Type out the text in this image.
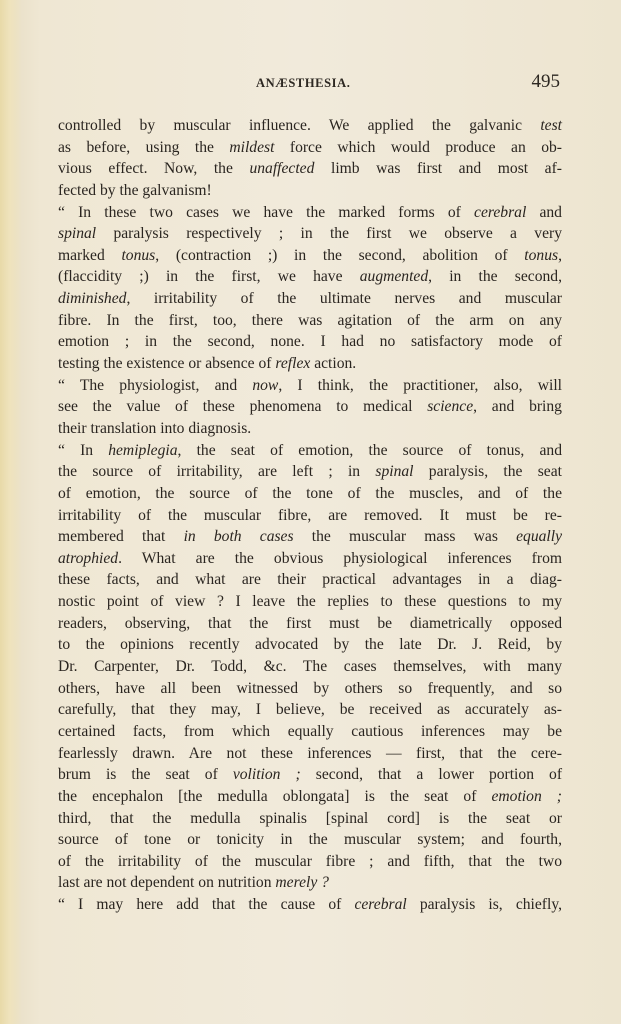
ANÆSTHESIA.	495
controlled by muscular influence. We applied the galvanic test
as before, using the mildest force which would produce an ob-
vious effect. Now, the unaffected limb was first and most af-
fected by the galvanism!
“ In these two cases we have the marked forms of cerebral and
spinal paralysis respectively ; in the first we observe a very
marked tonus, (contraction ;) in the second, abolition of tonus,
(flaccidity ;) in the first, we have augmented, in the second,
diminished, irritability of the ultimate nerves and muscular
fibre. In the first, too, there was agitation of the arm on any
emotion ; in the second, none. I had no satisfactory mode of
testing the existence or absence of reflex action.
“ The physiologist, and now, I think, the practitioner, also, will
see the value of these phenomena to medical science, and bring
their translation into diagnosis.
“ In hemiplegia, the seat of emotion, the source of tonus, and
the source of irritability, are left ; in spinal paralysis, the seat
of emotion, the source of the tone of the muscles, and of the
irritability of the muscular fibre, are removed. It must be re-
membered that in both cases the muscular mass was equally
atrophied. What are the obvious physiological inferences from
these facts, and what are their practical advantages in a diag-
nostic point of view ? I leave the replies to these questions to my
readers, observing, that the first must be diametrically opposed
to the opinions recently advocated by the late Dr. J. Reid, by
Dr. Carpenter, Dr. Todd, &c. The cases themselves, with many
others, have all been witnessed by others so frequently, and so
carefully, that they may, I believe, be received as accurately as-
certained facts, from which equally cautious inferences may be
fearlessly drawn. Are not these inferences — first, that the cere-
brum is the seat of volition ; second, that a lower portion of
the encephalon [the medulla oblongata] is the seat of emotion ;
third, that the medulla spinalis [spinal cord] is the seat or
source of tone or tonicity in the muscular system; and fourth,
of the irritability of the muscular fibre ; and fifth, that the two
last are not dependent on nutrition merely ?
“ I may here add that the cause of cerebral paralysis is, chiefly,
